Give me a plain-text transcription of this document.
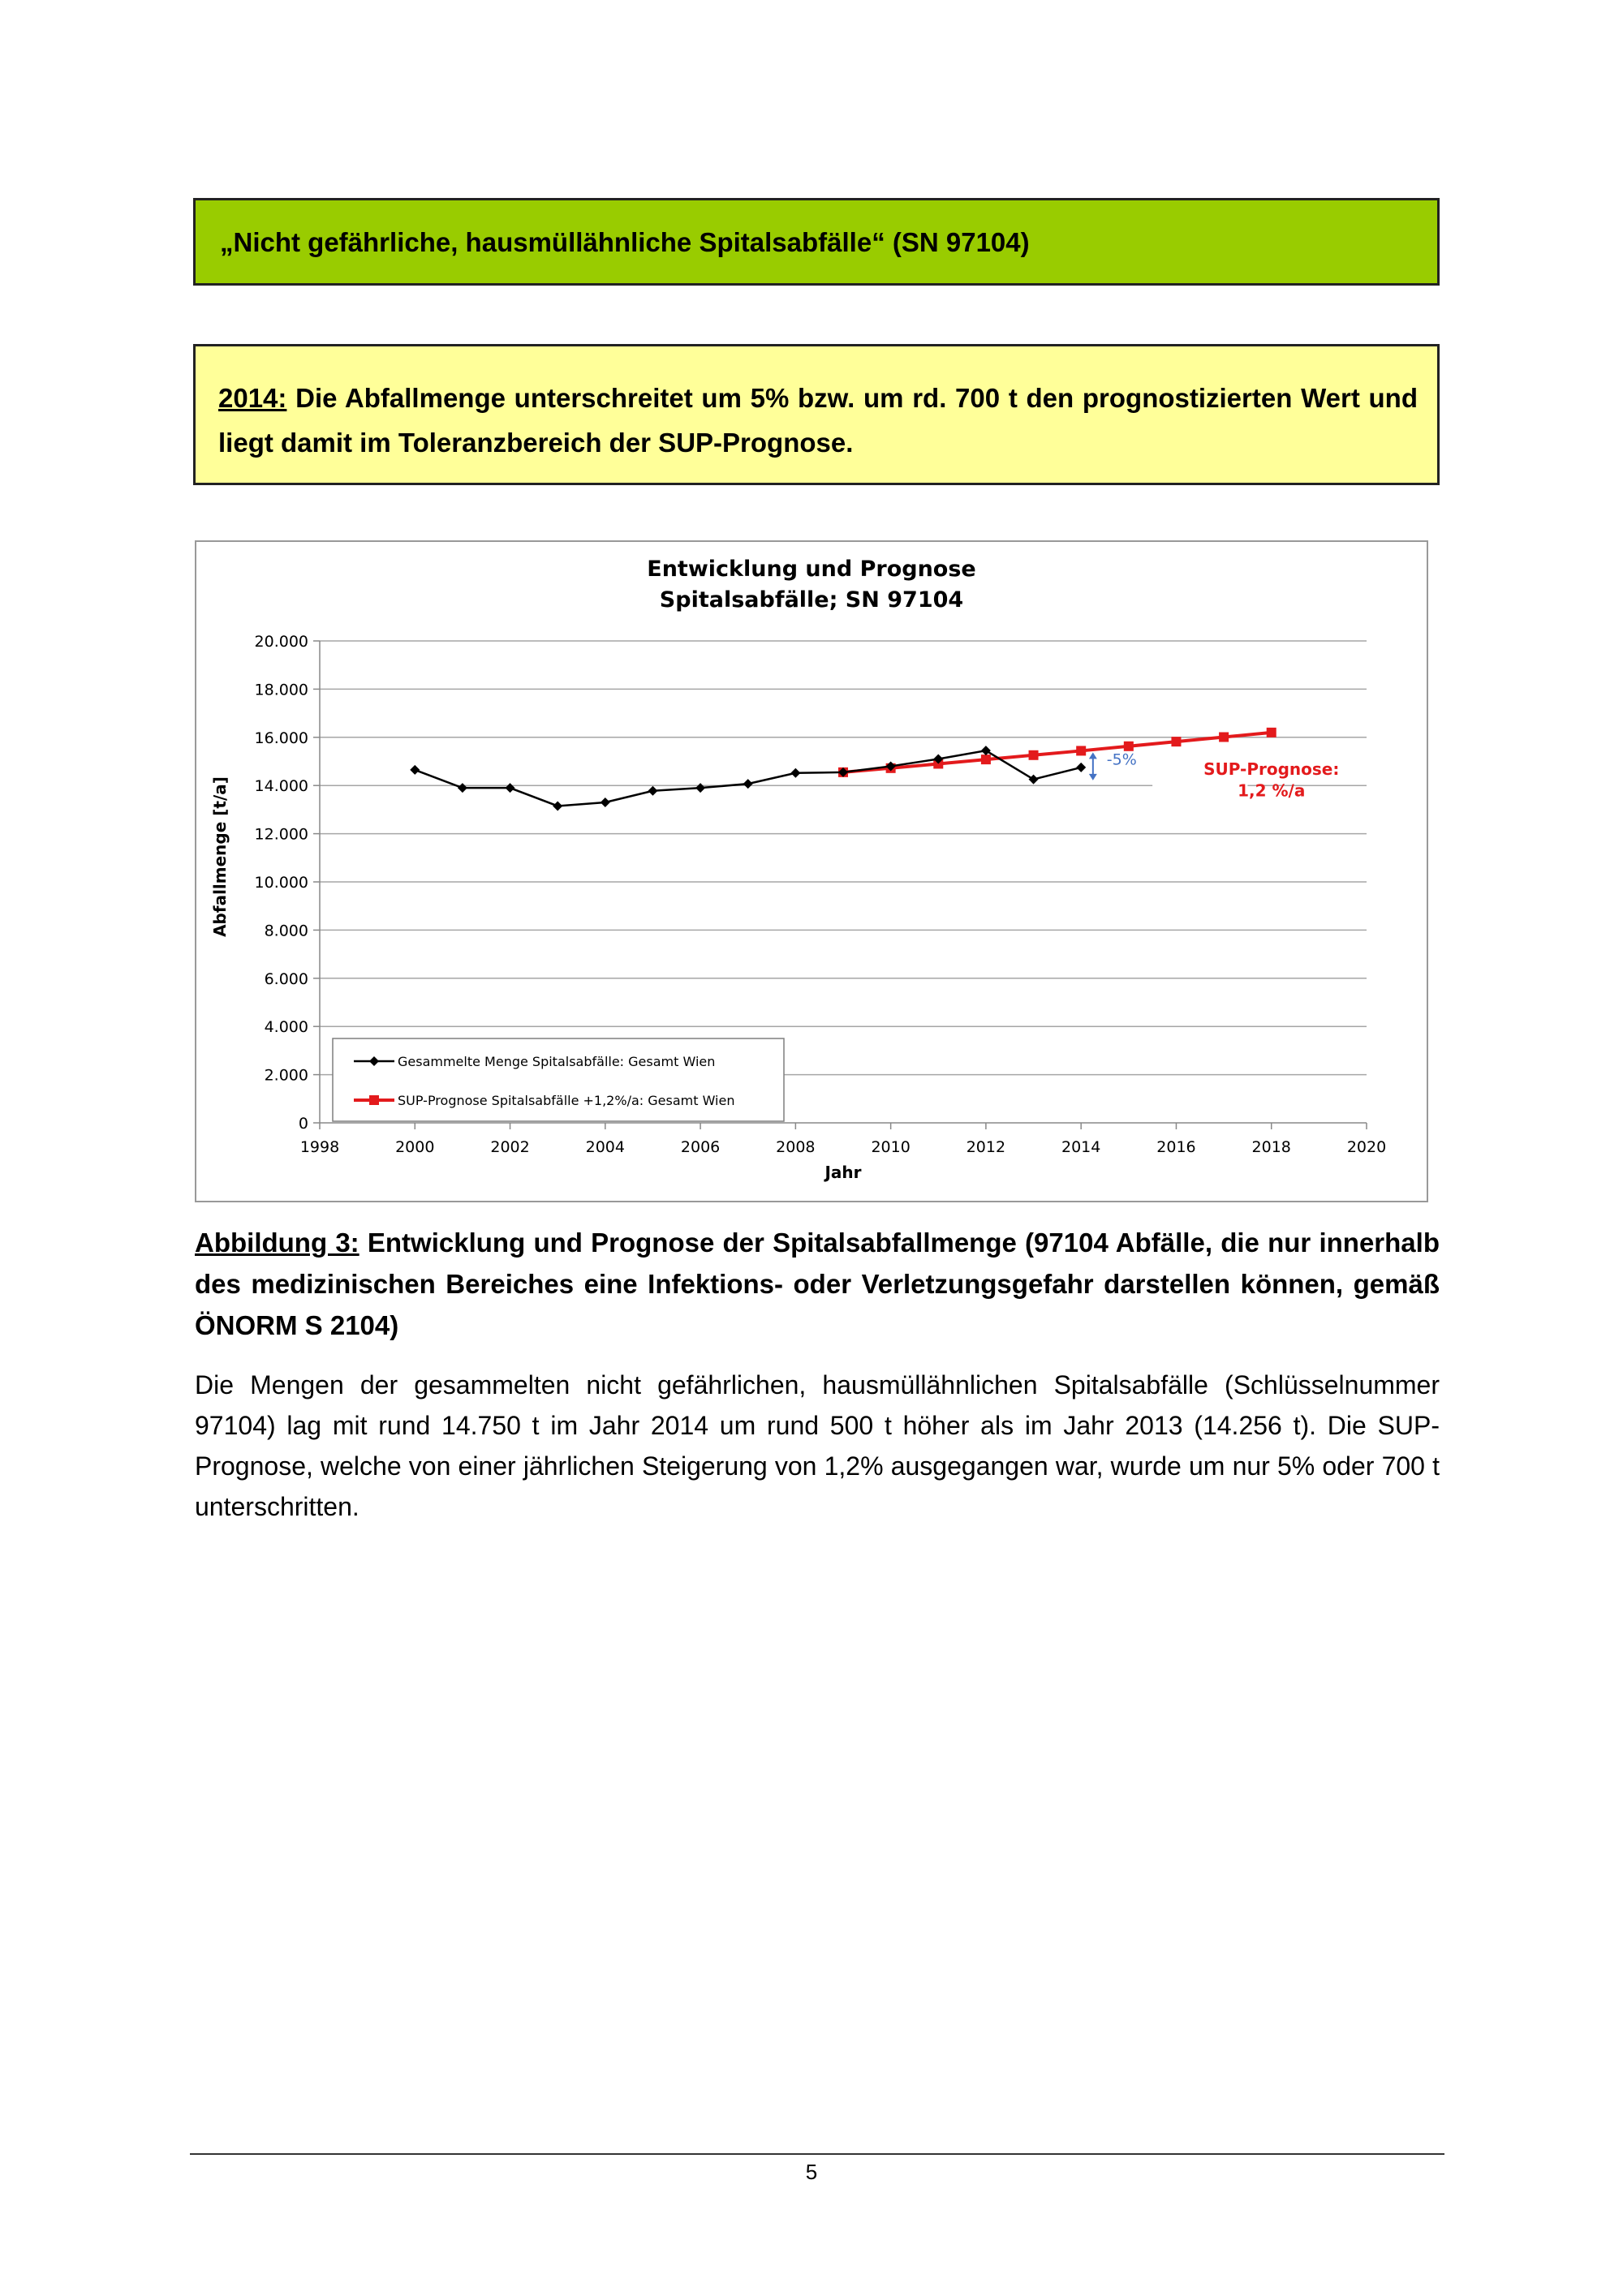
„Nicht gefährliche, hausmüllähnliche Spitalsabfälle“ (SN 97104)

2014: Die Abfallmenge unterschreitet um 5% bzw. um rd. 700 t den prognostizierten Wert und liegt damit im Toleranzbereich der SUP-Prognose.

Entwicklung und Prognose
Spitalsabfälle; SN 97104
0
2.000
4.000
6.000
8.000
10.000
12.000
14.000
16.000
18.000
20.000
1998	2000	2002	2004	2006	2008	2010	2012	2014	2016	2018	2020
-5%	SUP-Prognose:
1,2 %/a
Gesammelte Menge Spitalsabfälle: Gesamt Wien
SUP-Prognose Spitalsabfälle +1,2%/a: Gesamt Wien
Jahr
Abfallmenge [t/a]

Abbildung 3: Entwicklung und Prognose der Spitalsabfallmenge (97104 Abfälle, die nur innerhalb des medizinischen Bereiches eine Infektions- oder Verletzungsgefahr darstellen können, gemäß ÖNORM S 2104)

Die Mengen der gesammelten nicht gefährlichen, hausmüllähnlichen Spitalsabfälle (Schlüsselnummer 97104) lag mit rund 14.750 t im Jahr 2014 um rund 500 t höher als im Jahr 2013 (14.256 t). Die SUP-Prognose, welche von einer jährlichen Steigerung von 1,2% ausgegangen war, wurde um nur 5% oder 700 t unterschritten.

5
